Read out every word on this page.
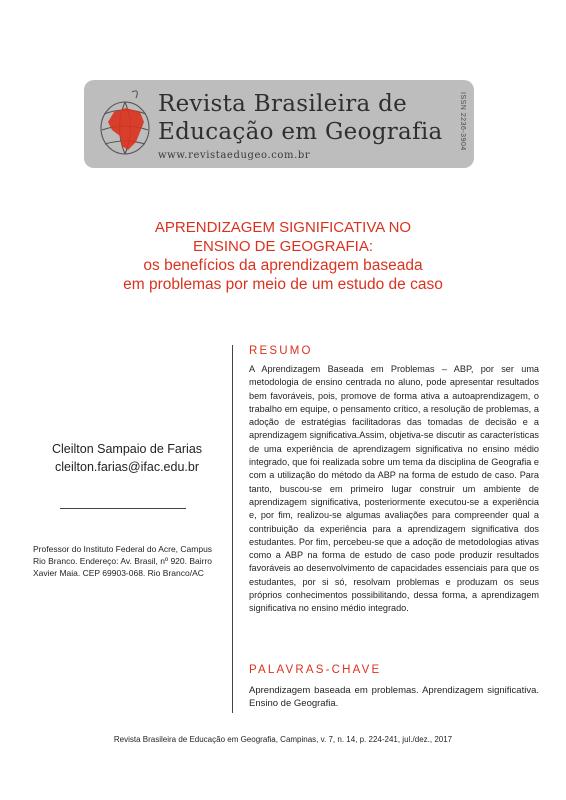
Revista Brasileira de
Educação em Geografia
www.revistaedugeo.com.br
ISSN 2236-3904
APRENDIZAGEM SIGNIFICATIVA NO
ENSINO DE GEOGRAFIA:
os benefícios da aprendizagem baseada
em problemas por meio de um estudo de caso
Cleilton Sampaio de Farias
cleilton.farias@ifac.edu.br
Professor do Instituto Federal do Acre, Campus Rio Branco. Endereço: Av. Brasil, nº 920. Bairro Xavier Maia. CEP 69903-068. Rio Branco/AC
RESUMO
A Aprendizagem Baseada em Problemas – ABP, por ser uma metodologia de ensino centrada no aluno, pode apresentar resultados bem favoráveis, pois, promove de forma ativa a autoaprendizagem, o trabalho em equipe, o pensamento crítico, a resolução de problemas, a adoção de estratégias facilitadoras das tomadas de decisão e a aprendizagem significativa.Assim, objetiva-se discutir as características de uma experiência de aprendizagem significativa no ensino médio integrado, que foi realizada sobre um tema da disciplina de Geografia e com a utilização do método da ABP na forma de estudo de caso. Para tanto, buscou-se em primeiro lugar construir um ambiente de aprendizagem significativa, posteriormente executou-se a experiência e, por fim, realizou-se algumas avaliações para compreender qual a contribuição da experiência para a aprendizagem significativa dos estudantes. Por fim, percebeu-se que a adoção de metodologias ativas como a ABP na forma de estudo de caso pode produzir resultados favoráveis ao desenvolvimento de capacidades essenciais para que os estudantes, por si só, resolvam problemas e produzam os seus próprios conhecimentos possibilitando, dessa forma, a aprendizagem significativa no ensino médio integrado.
PALAVRAS-CHAVE
Aprendizagem baseada em problemas. Aprendizagem significativa. Ensino de Geografia.
Revista Brasileira de Educação em Geografia, Campinas, v. 7, n. 14, p. 224-241, jul./dez., 2017
